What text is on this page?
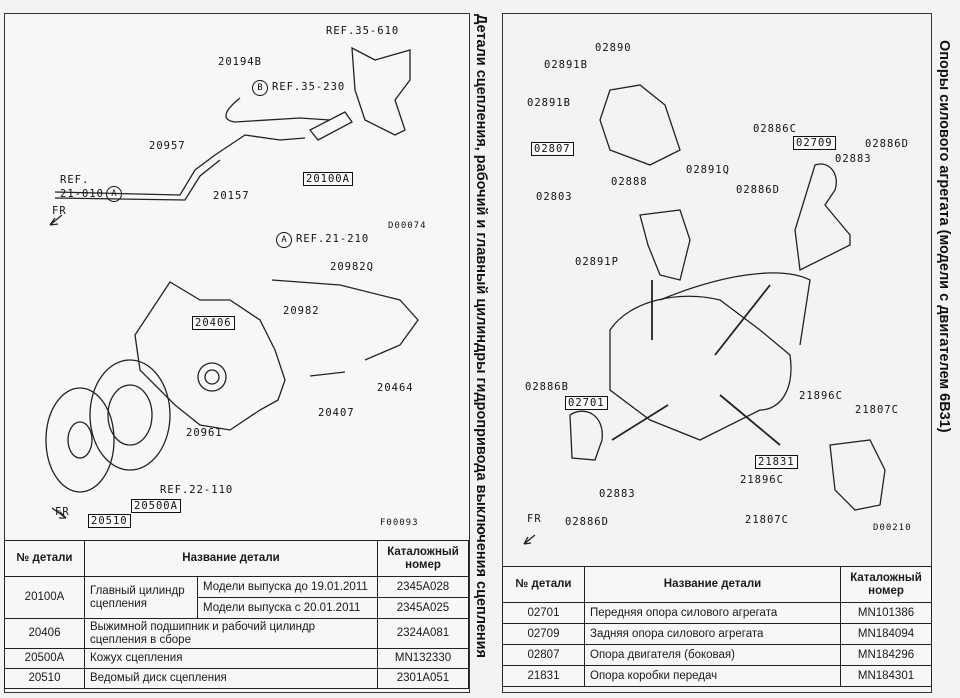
REF.35-610
20194B
B REF.35-230
20957
REF.
21-010 A	20157
20100A
FR
D00074
A REF.21-210
20982Q
20982
20406
20464
20407
20961
REF.22-110
20500A
20510
FR
F00093
№ детали	Название детали		Каталожный номер
20100A	Главный цилиндр сцепления	Модели выпуска до 19.01.2011	2345A028
		Модели выпуска с 20.01.2011	2345A025
20406	Выжимной подшипник и рабочий цилиндр сцепления в сборе		2324A081
20500A	Кожух сцепления		MN132330
20510	Ведомый диск сцепления		2301A051
Детали сцепления, рабочий и главный цилиндры гидропривода выключения сцепления	02890
02891B
02891B
02807
02888
02803
02891Q
02891P
02886C
02709	02886D
02883
02886D
02886B
02701
02883
02886D
21896C
21807C
21831
21896C
21807C
FR
D00210
№ детали	Название детали	Каталожный номер
02701	Передняя опора силового агрегата	MN101386
02709	Задняя опора силового агрегата	MN184094
02807	Опора двигателя (боковая)	MN184296
21831	Опора коробки передач	MN184301
Опоры силового агрегата (модели с двигателем 6B31)
